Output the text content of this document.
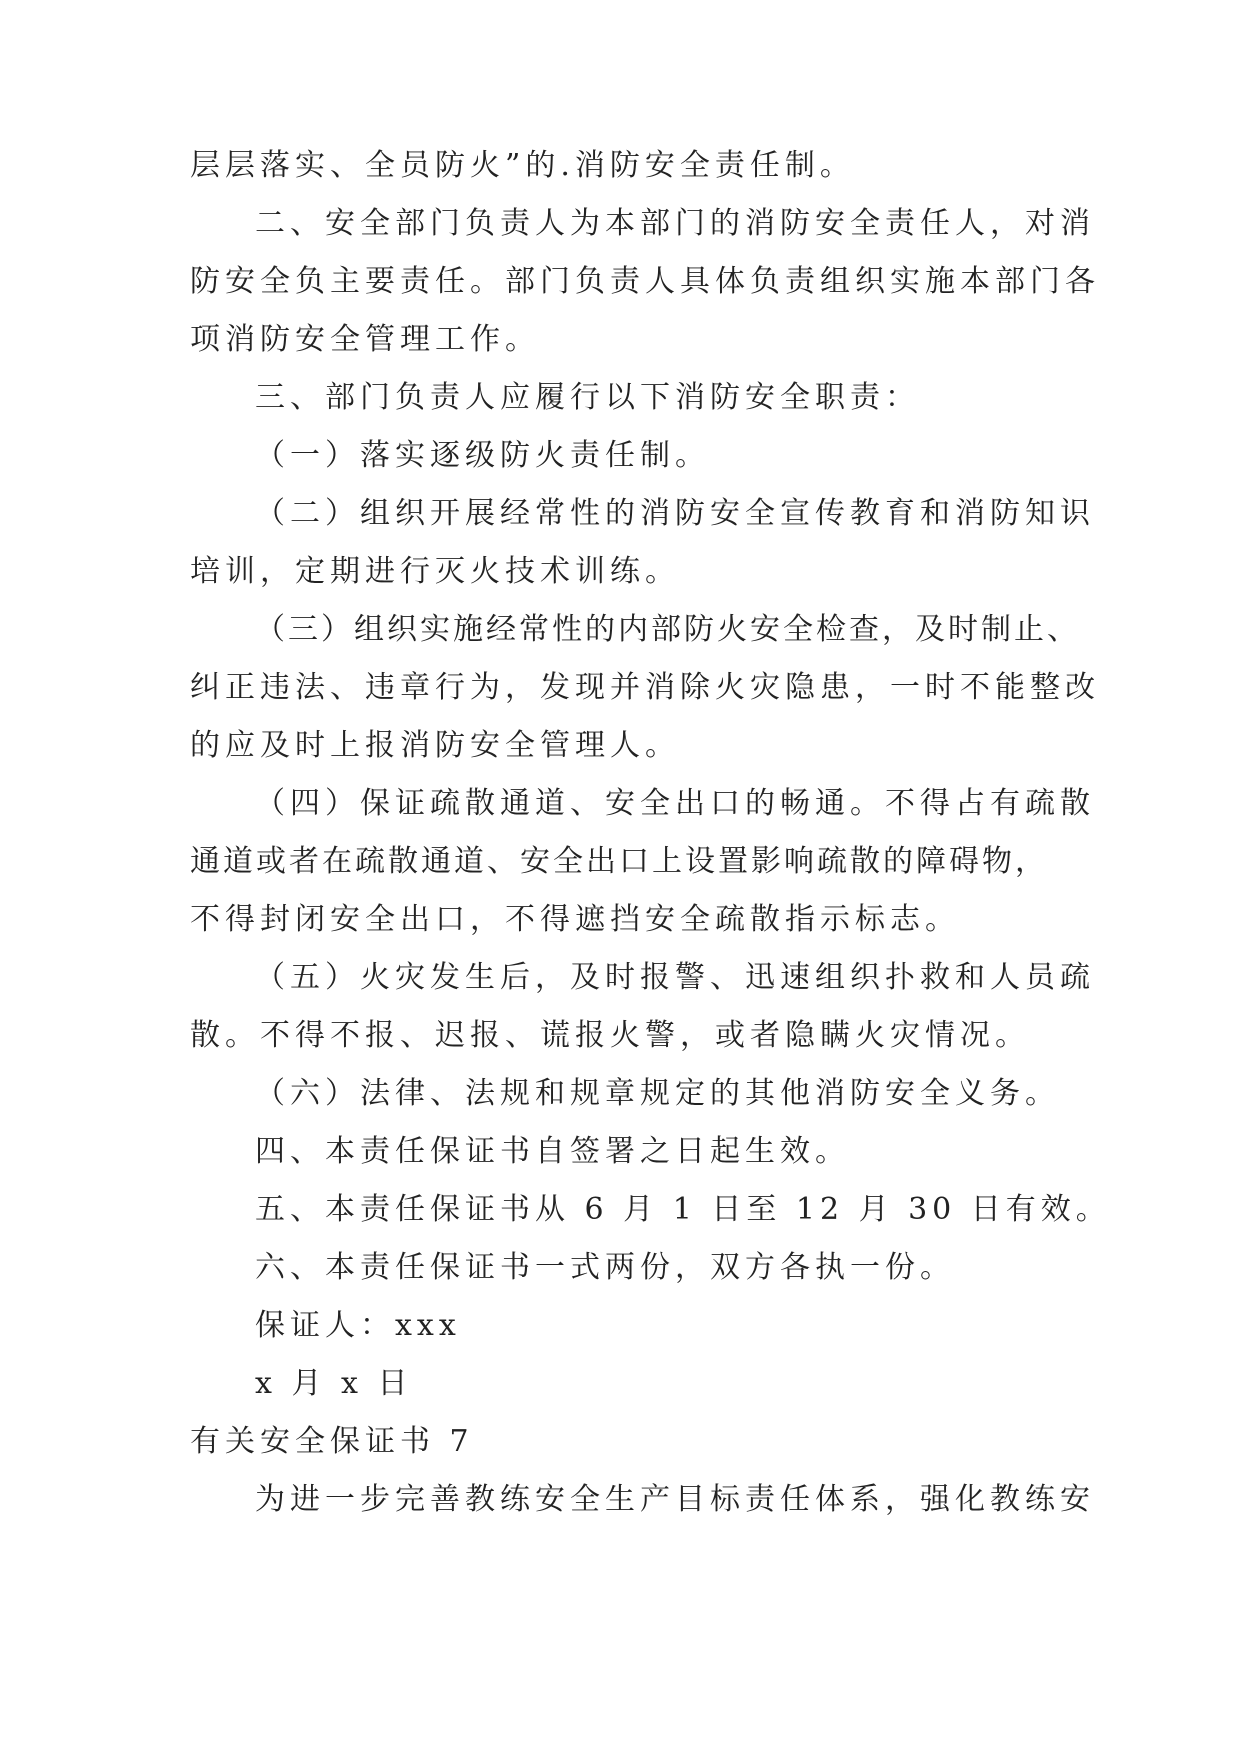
层层落实、全员防火”的.消防安全责任制。
二、安全部门负责人为本部门的消防安全责任人，对消
防安全负主要责任。部门负责人具体负责组织实施本部门各
项消防安全管理工作。
三、部门负责人应履行以下消防安全职责：
（一）落实逐级防火责任制。
（二）组织开展经常性的消防安全宣传教育和消防知识
培训，定期进行灭火技术训练。
（三）组织实施经常性的内部防火安全检查，及时制止、
纠正违法、违章行为，发现并消除火灾隐患，一时不能整改
的应及时上报消防安全管理人。
（四）保证疏散通道、安全出口的畅通。不得占有疏散
通道或者在疏散通道、安全出口上设置影响疏散的障碍物，
不得封闭安全出口，不得遮挡安全疏散指示标志。
（五）火灾发生后，及时报警、迅速组织扑救和人员疏
散。不得不报、迟报、谎报火警，或者隐瞒火灾情况。
（六）法律、法规和规章规定的其他消防安全义务。
四、本责任保证书自签署之日起生效。
五、本责任保证书从 6 月 1 日至 12 月 30 日有效。
六、本责任保证书一式两份，双方各执一份。
保证人：xxx
x 月 x 日
有关安全保证书 7
为进一步完善教练安全生产目标责任体系，强化教练安
